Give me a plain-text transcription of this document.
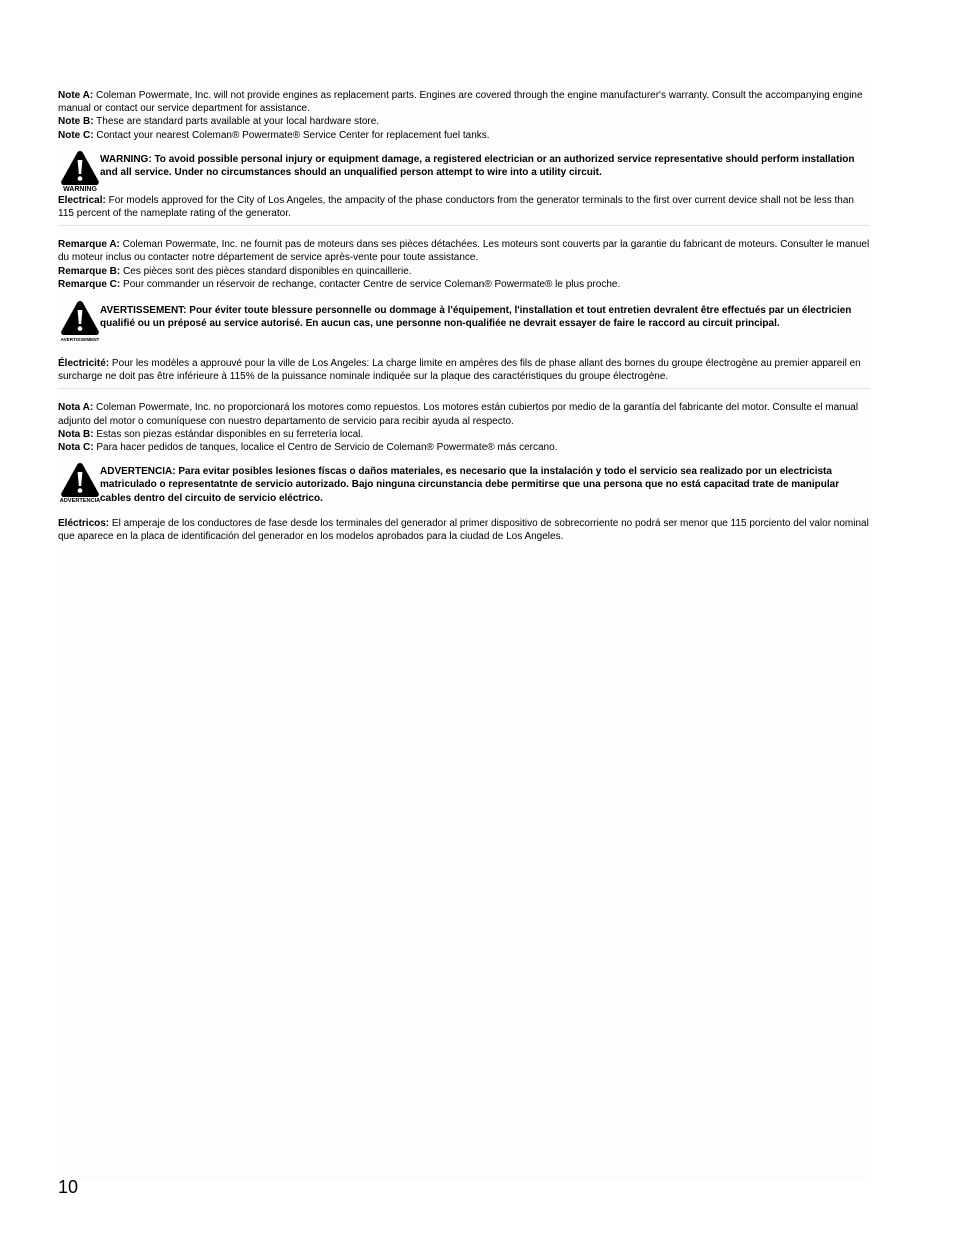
Note A: Coleman Powermate, Inc. will not provide engines as replacement parts. Engines are covered through the engine manufacturer's warranty. Consult the accompanying engine manual or contact our service department for assistance.

Note B: These are standard parts available at your local hardware store.

Note C: Contact your nearest Coleman® Powermate® Service Center for replacement fuel tanks.

WARNING
WARNING: To avoid possible personal injury or equipment damage, a registered electrician or an authorized service representative should perform installation and all service. Under no circumstances should an unqualified person attempt to wire into a utility circuit.

Electrical: For models approved for the City of Los Angeles, the ampacity of the phase conductors from the generator terminals to the first over current device shall not be less than 115 percent of the nameplate rating of the generator.

Remarque A: Coleman Powermate, Inc. ne fournit pas de moteurs dans ses pièces détachées. Les moteurs sont couverts par la garantie du fabricant de moteurs. Consulter le manuel du moteur inclus ou contacter notre département de service après-vente pour toute assistance.

Remarque B: Ces pièces sont des pièces standard disponibles en quincaillerie.

Remarque C: Pour commander un réservoir de rechange, contacter Centre de service Coleman® Powermate® le plus proche.

AVERTISSEMENT
AVERTISSEMENT: Pour éviter toute blessure personnelle ou dommage à l'équipement, l'installation et tout entretien devralent être effectués par un électricien qualifié ou un préposé au service autorisé. En aucun cas, une personne non-qualifiée ne devrait essayer de faire le raccord au circuit principal.

Électricité: Pour les modèles a approuvé pour la ville de Los Angeles: La charge limite en ampères des fils de phase allant des bornes du groupe électrogène au premier appareil en surcharge ne doit pas être inférieure à 115% de la puissance nominale indiquée sur la plaque des caractéristiques du groupe électrogène.

Nota A: Coleman Powermate, Inc. no proporcionará los motores como repuestos. Los motores están cubiertos por medio de la garantía del fabricante del motor. Consulte el manual adjunto del motor o comuníquese con nuestro departamento de servicio para recibir ayuda al respecto.

Nota B: Estas son piezas estándar disponibles en su ferretería local.

Nota C: Para hacer pedidos de tanques, localice el Centro de Servicio de Coleman® Powermate® más cercano.

ADVERTENCIA
ADVERTENCIA: Para evitar posibles lesiones físcas o daños materiales, es necesario que la instalación y todo el servicio sea realizado por un electricista matriculado o representatnte de servicio autorizado. Bajo ninguna circunstancia debe permitirse que una persona que no está capacitad trate de manipular cables dentro del circuito de servicio eléctrico.

Eléctricos: El amperaje de los conductores de fase desde los terminales del generador al primer dispositivo de sobrecorriente no podrá ser menor que 115 porciento del valor nominal que aparece en la placa de identificación del generador en los modelos aprobados para la ciudad de Los Angeles.

10
